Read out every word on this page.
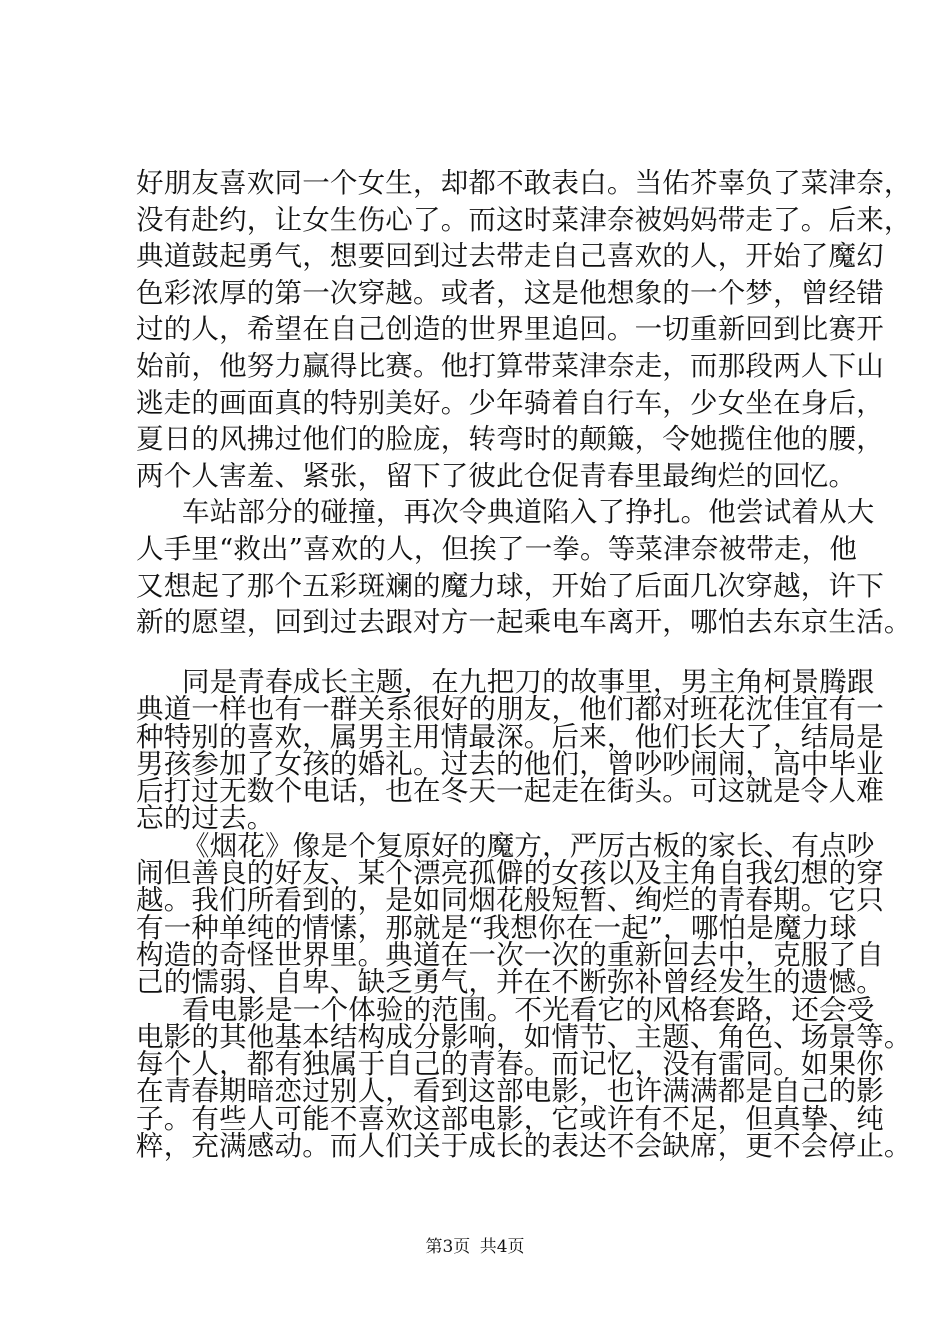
好朋友喜欢同一个女生，却都不敢表白。当佑芥辜负了菜津奈，
没有赴约，让女生伤心了。而这时菜津奈被妈妈带走了。后来，
典道鼓起勇气，想要回到过去带走自己喜欢的人，开始了魔幻
色彩浓厚的第一次穿越。或者，这是他想象的一个梦，曾经错
过的人，希望在自己创造的世界里追回。一切重新回到比赛开
始前，他努力赢得比赛。他打算带菜津奈走，而那段两人下山
逃走的画面真的特别美好。少年骑着自行车，少女坐在身后，
夏日的风拂过他们的脸庞，转弯时的颠簸，令她揽住他的腰，
两个人害羞、紧张，留下了彼此仓促青春里最绚烂的回忆。
车站部分的碰撞，再次令典道陷入了挣扎。他尝试着从大
人手里“救出”喜欢的人，但挨了一拳。等菜津奈被带走，他
又想起了那个五彩斑斓的魔力球，开始了后面几次穿越，许下
新的愿望，回到过去跟对方一起乘电车离开，哪怕去东京生活。
同是青春成长主题，在九把刀的故事里，男主角柯景腾跟
典道一样也有一群关系很好的朋友，他们都对班花沈佳宜有一
种特别的喜欢，属男主用情最深。后来，他们长大了，结局是
男孩参加了女孩的婚礼。过去的他们，曾吵吵闹闹，高中毕业
后打过无数个电话，也在冬天一起走在街头。可这就是令人难
忘的过去。
《烟花》像是个复原好的魔方，严厉古板的家长、有点吵
闹但善良的好友、某个漂亮孤僻的女孩以及主角自我幻想的穿
越。我们所看到的，是如同烟花般短暂、绚烂的青春期。它只
有一种单纯的情愫，那就是“我想你在一起”，哪怕是魔力球
构造的奇怪世界里。典道在一次一次的重新回去中，克服了自
己的懦弱、自卑、缺乏勇气，并在不断弥补曾经发生的遗憾。
看电影是一个体验的范围。不光看它的风格套路，还会受
电影的其他基本结构成分影响，如情节、主题、角色、场景等。
每个人，都有独属于自己的青春。而记忆，没有雷同。如果你
在青春期暗恋过别人，看到这部电影，也许满满都是自己的影
子。有些人可能不喜欢这部电影，它或许有不足，但真挚、纯
粹，充满感动。而人们关于成长的表达不会缺席，更不会停止。
第3页 共4页
